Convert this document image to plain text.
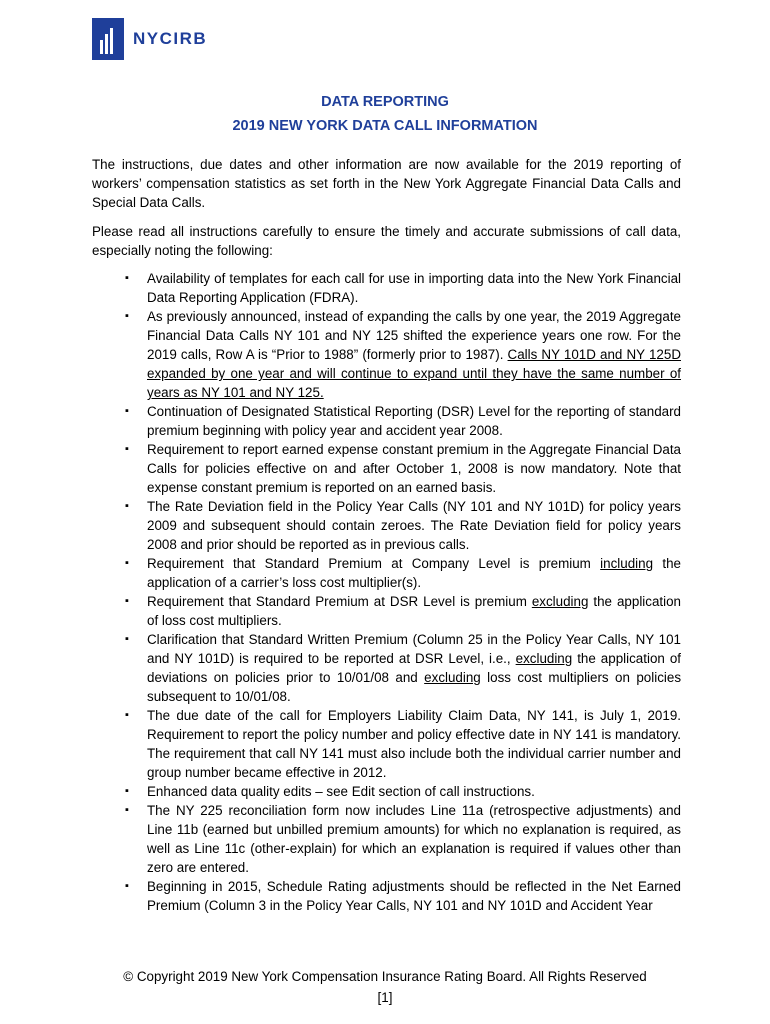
NYCIRB
DATA REPORTING
2019 NEW YORK DATA CALL INFORMATION

The instructions, due dates and other information are now available for the 2019 reporting of workers’ compensation statistics as set forth in the New York Aggregate Financial Data Calls and Special Data Calls.

Please read all instructions carefully to ensure the timely and accurate submissions of call data, especially noting the following:

▪ Availability of templates for each call for use in importing data into the New York Financial Data Reporting Application (FDRA).
▪ As previously announced, instead of expanding the calls by one year, the 2019 Aggregate Financial Data Calls NY 101 and NY 125 shifted the experience years one row. For the 2019 calls, Row A is “Prior to 1988” (formerly prior to 1987). Calls NY 101D and NY 125D expanded by one year and will continue to expand until they have the same number of years as NY 101 and NY 125.
▪ Continuation of Designated Statistical Reporting (DSR) Level for the reporting of standard premium beginning with policy year and accident year 2008.
▪ Requirement to report earned expense constant premium in the Aggregate Financial Data Calls for policies effective on and after October 1, 2008 is now mandatory. Note that expense constant premium is reported on an earned basis.
▪ The Rate Deviation field in the Policy Year Calls (NY 101 and NY 101D) for policy years 2009 and subsequent should contain zeroes. The Rate Deviation field for policy years 2008 and prior should be reported as in previous calls.
▪ Requirement that Standard Premium at Company Level is premium including the application of a carrier’s loss cost multiplier(s).
▪ Requirement that Standard Premium at DSR Level is premium excluding the application of loss cost multipliers.
▪ Clarification that Standard Written Premium (Column 25 in the Policy Year Calls, NY 101 and NY 101D) is required to be reported at DSR Level, i.e., excluding the application of deviations on policies prior to 10/01/08 and excluding loss cost multipliers on policies subsequent to 10/01/08.
▪ The due date of the call for Employers Liability Claim Data, NY 141, is July 1, 2019. Requirement to report the policy number and policy effective date in NY 141 is mandatory. The requirement that call NY 141 must also include both the individual carrier number and group number became effective in 2012.
▪ Enhanced data quality edits – see Edit section of call instructions.
▪ The NY 225 reconciliation form now includes Line 11a (retrospective adjustments) and Line 11b (earned but unbilled premium amounts) for which no explanation is required, as well as Line 11c (other-explain) for which an explanation is required if values other than zero are entered.
▪ Beginning in 2015, Schedule Rating adjustments should be reflected in the Net Earned Premium (Column 3 in the Policy Year Calls, NY 101 and NY 101D and Accident Year
© Copyright 2019 New York Compensation Insurance Rating Board. All Rights Reserved
[1]
